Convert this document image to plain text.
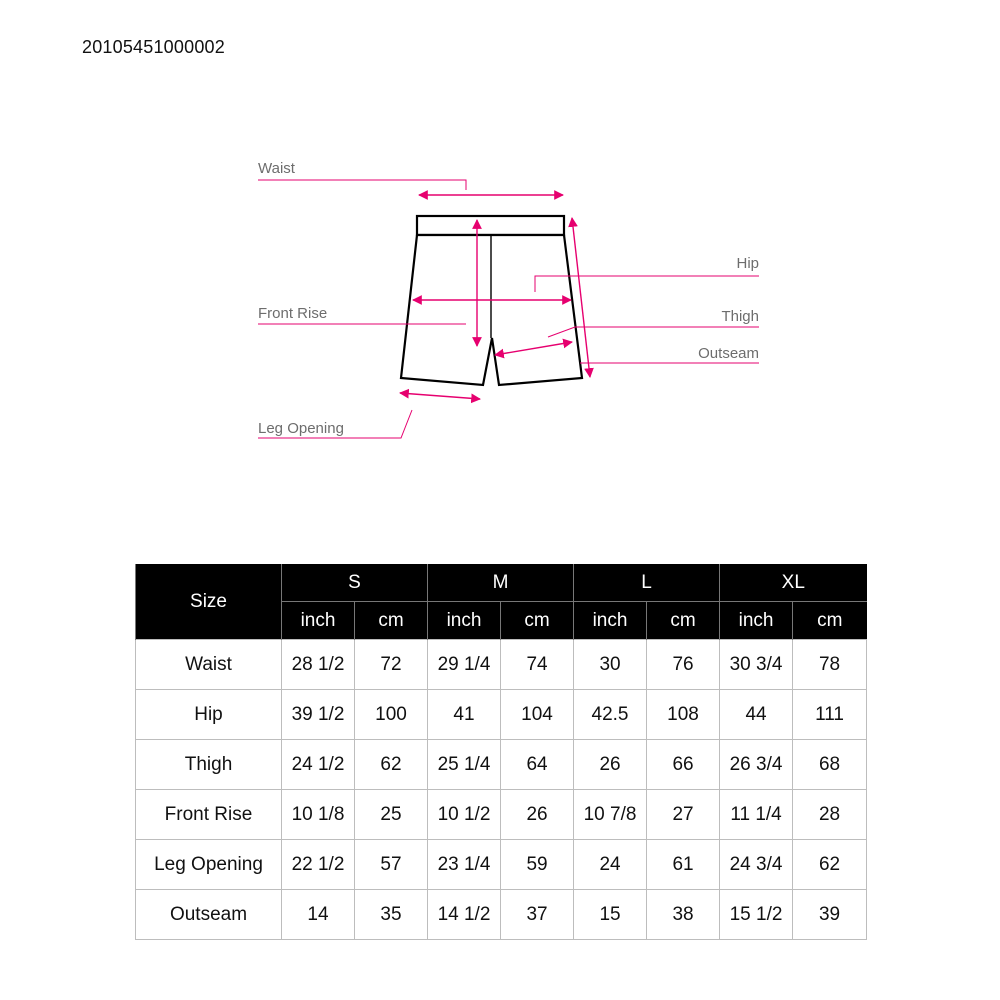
20105451000002
Waist
Hip
Front Rise	Thigh
Outseam
Leg Opening
Size	S		M		L		XL	
	inch	cm	inch	cm	inch	cm	inch	cm
Waist	28 1/2	72	29 1/4	74	30	76	30 3/4	78
Hip	39 1/2	100	41	104	42.5	108	44	111
Thigh	24 1/2	62	25 1/4	64	26	66	26 3/4	68
Front Rise	10 1/8	25	10 1/2	26	10 7/8	27	11 1/4	28
Leg Opening	22 1/2	57	23 1/4	59	24	61	24 3/4	62
Outseam	14	35	14 1/2	37	15	38	15 1/2	39
